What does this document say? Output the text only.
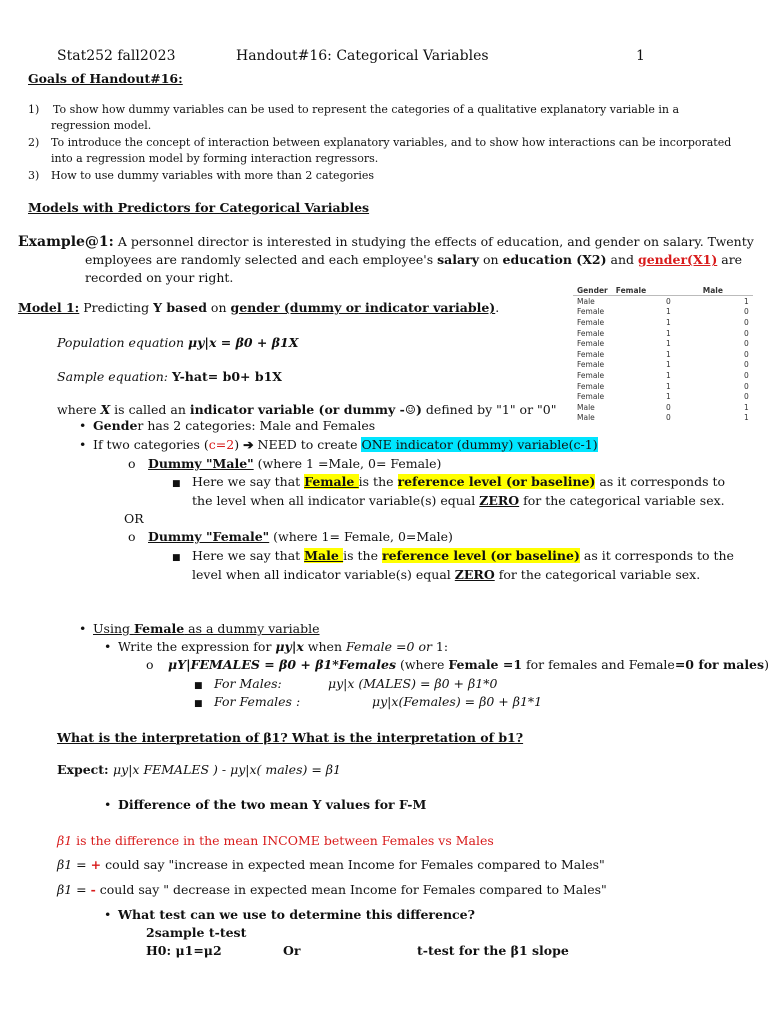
Stat252 fall2023	Handout#16: Categorical Variables	1
Goals of Handout#16:
1) To show how dummy variables can be used to represent the categories of a qualitative explanatory variable in a
regression model.
2) To introduce the concept of interaction between explanatory variables, and to show how interactions can be incorporated
into a regression model by forming interaction regressors.
3) How to use dummy variables with more than 2 categories
Models with Predictors for Categorical Variables
Example@1: A personnel director is interested in studying the effects of education, and gender on salary. Twenty
employees are randomly selected and each employee's salary on education (X2) and gender(X1) are
recorded on your right.
Gender	Female	Male
Male	0	1
Female	1	0
Female	1	0
Female	1	0
Female	1	0
Female	1	0
Female	1	0
Female	1	0
Female	1	0
Female	1	0
Male	0	1
Male	0	1
Model 1: Predicting Y based on gender (dummy or indicator variable).
Population equation μy|x = β0 + β1X
Sample equation: Y-hat= b0+ b1X
where X is called an indicator variable (or dummy -☺) defined by "1" or "0"
• Gender has 2 categories: Male and Females
• If two categories (c=2) ➔ NEED to create ONE indicator (dummy) variable(c-1)
o Dummy "Male" (where 1 =Male, 0= Female)
■ Here we say that Female is the reference level (or baseline) as it corresponds to
the level when all indicator variable(s) equal ZERO for the categorical variable sex.
OR
o Dummy "Female" (where 1= Female, 0=Male)
■ Here we say that Male is the reference level (or baseline) as it corresponds to the
level when all indicator variable(s) equal ZERO for the categorical variable sex.
• Using Female as a dummy variable
• Write the expression for μy|x when Female =0 or 1:
o μY|FEMALES = β0 + β1*Females (where Female =1 for females and Female=0 for males)
■ For Males:	μy|x (MALES) = β0 + β1*0
■ For Females :	μy|x(Females) = β0 + β1*1
What is the interpretation of β1? What is the interpretation of b1?
Expect: μy|x FEMALES ) - μy|x( males) = β1
• Difference of the two mean Y values for F-M
β1 is the difference in the mean INCOME between Females vs Males
β1 = + could say "increase in expected mean Income for Females compared to Males"
β1 = - could say " decrease in expected mean Income for Females compared to Males"
• What test can we use to determine this difference?
2sample t-test
H0: μ1=μ2	Or	t-test for the β1 slope
